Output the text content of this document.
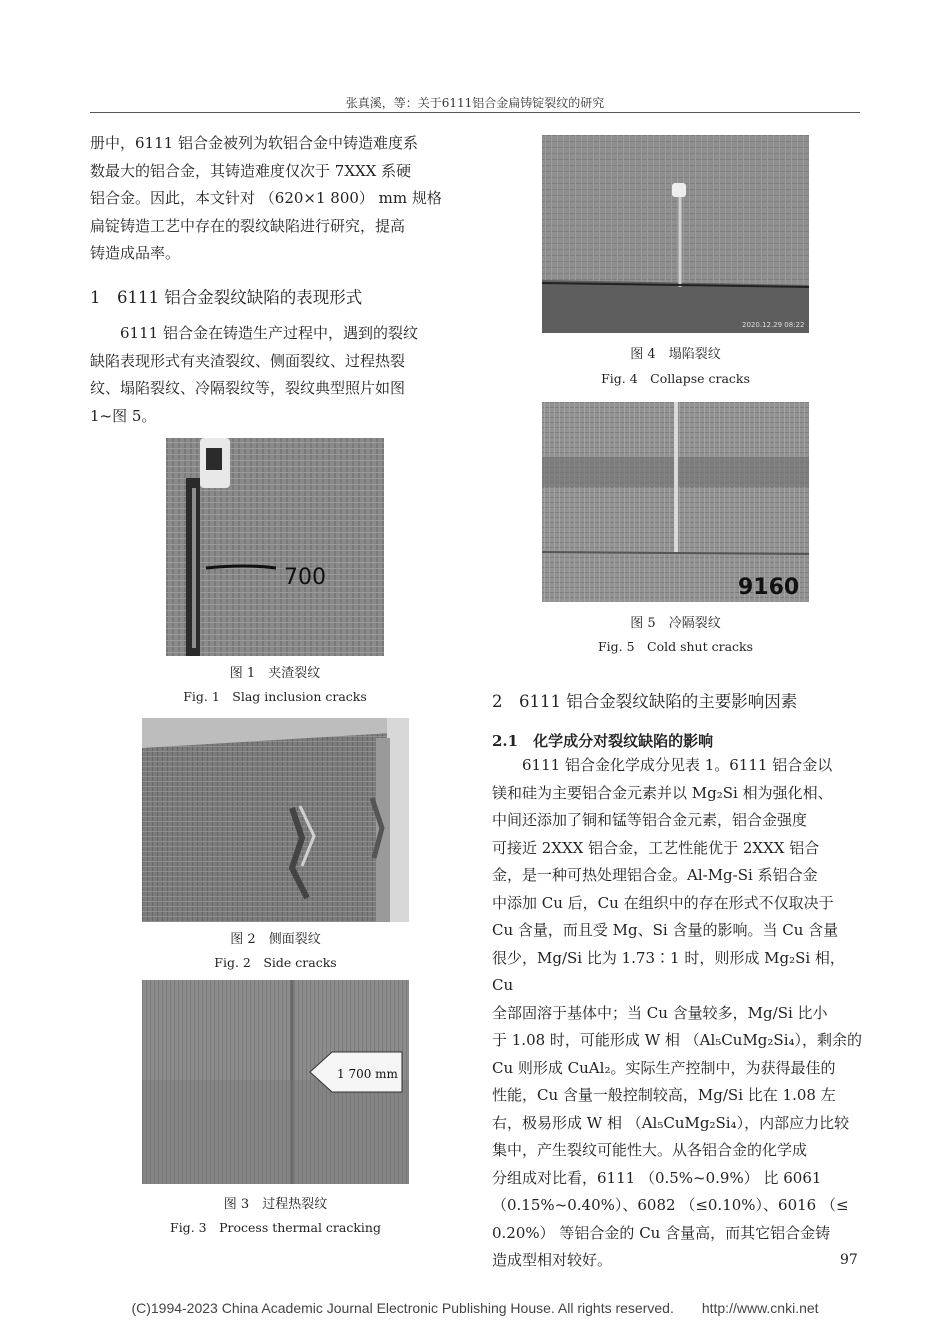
张真溪，等：关于6111铝合金扁铸锭裂纹的研究

册中，6111 铝合金被列为软铝合金中铸造难度系

数最大的铝合金，其铸造难度仅次于 7XXX 系硬

铝合金。因此，本文针对 （620×1 800） mm 规格

扁锭铸造工艺中存在的裂纹缺陷进行研究，提高

铸造成品率。

1　6111 铝合金裂纹缺陷的表现形式

6111 铝合金在铸造生产过程中，遇到的裂纹

缺陷表现形式有夹渣裂纹、侧面裂纹、过程热裂

纹、塌陷裂纹、冷隔裂纹等，裂纹典型照片如图

1~图 5。

700
图 1　夹渣裂纹
Fig. 1　Slag inclusion cracks
图 2　侧面裂纹
Fig. 2　Side cracks
1 700 mm
图 3　过程热裂纹
Fig. 3　Process thermal cracking
2020.12.29 08:22
图 4　塌陷裂纹
Fig. 4　Collapse cracks
9160
图 5　冷隔裂纹
Fig. 5　Cold shut cracks
2　6111 铝合金裂纹缺陷的主要影响因素
2.1　化学成分对裂纹缺陷的影响

6111 铝合金化学成分见表 1。6111 铝合金以

镁和硅为主要铝合金元素并以 Mg₂Si 相为强化相、

中间还添加了铜和锰等铝合金元素，铝合金强度

可接近 2XXX 铝合金，工艺性能优于 2XXX 铝合

金，是一种可热处理铝合金。Al-Mg-Si 系铝合金

中添加 Cu 后，Cu 在组织中的存在形式不仅取决于

Cu 含量，而且受 Mg、Si 含量的影响。当 Cu 含量

很少，Mg/Si 比为 1.73∶1 时，则形成 Mg₂Si 相，Cu

全部固溶于基体中；当 Cu 含量较多，Mg/Si 比小

于 1.08 时，可能形成 W 相 （Al₅CuMg₂Si₄），剩余的

Cu 则形成 CuAl₂。实际生产控制中，为获得最佳的

性能，Cu 含量一般控制较高，Mg/Si 比在 1.08 左

右，极易形成 W 相 （Al₅CuMg₂Si₄），内部应力比较

集中，产生裂纹可能性大。从各铝合金的化学成

分组成对比看，6111 （0.5%~0.9%） 比 6061

（0.15%~0.40%）、6082 （≤0.10%）、6016 （≤

0.20%） 等铝合金的 Cu 含量高，而其它铝合金铸

造成型相对较好。	97
(C)1994-2023 China Academic Journal Electronic Publishing House. All rights reserved.　　http://www.cnki.net
